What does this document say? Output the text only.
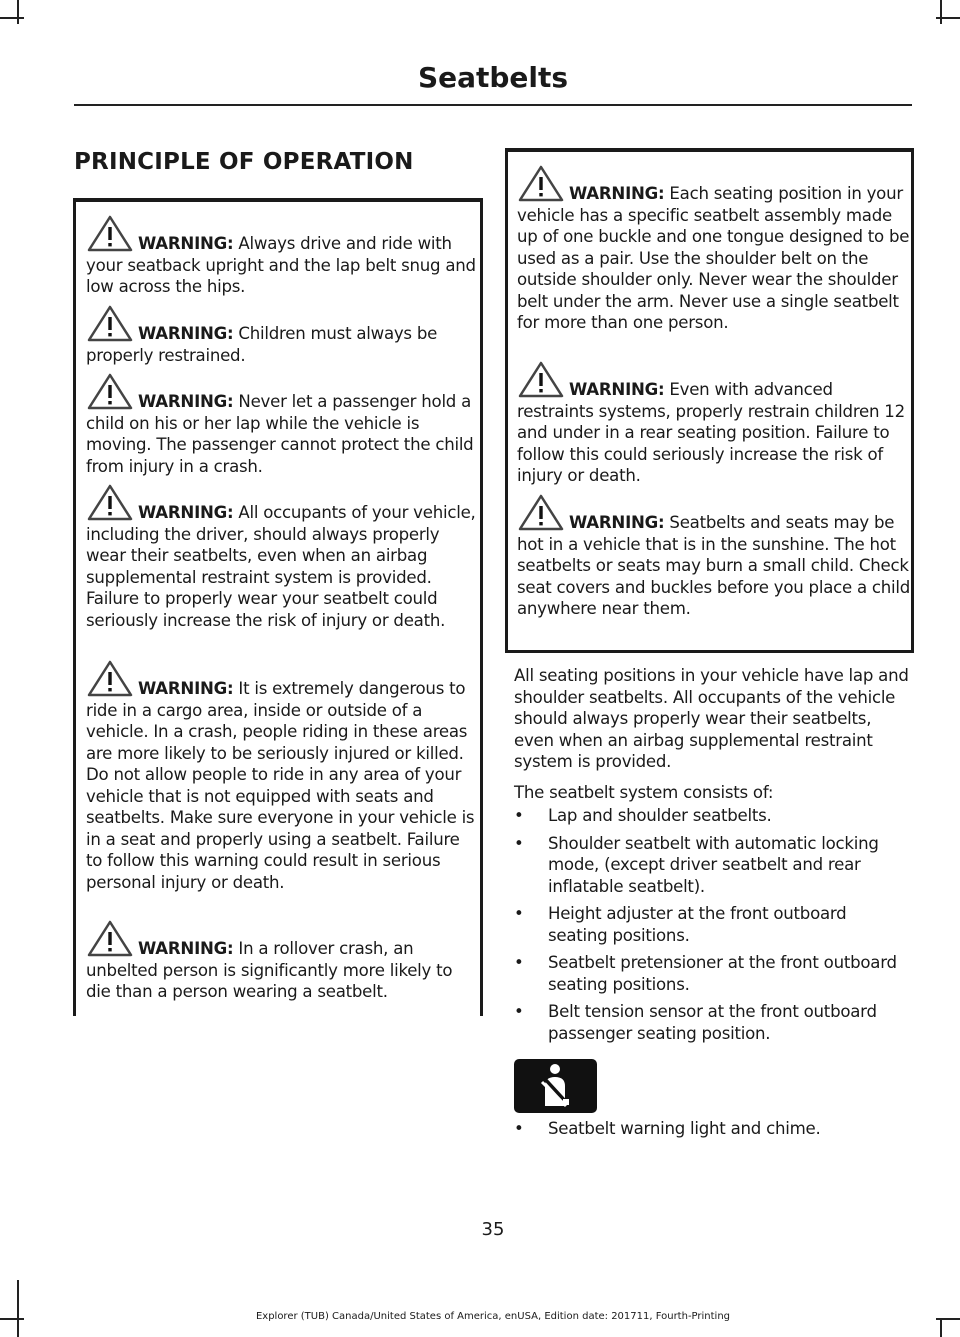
Seatbelts
PRINCIPLE OF OPERATION

WARNING: Always drive and ride with your seatback upright and the lap belt snug and low across the hips.

WARNING: Children must always be properly restrained.

WARNING: Never let a passenger hold a child on his or her lap while the vehicle is moving. The passenger cannot protect the child from injury in a crash.

WARNING: All occupants of your vehicle, including the driver, should always properly wear their seatbelts, even when an airbag supplemental restraint system is provided. Failure to properly wear your seatbelt could seriously increase the risk of injury or death.

WARNING: It is extremely dangerous to ride in a cargo area, inside or outside of a vehicle. In a crash, people riding in these areas are more likely to be seriously injured or killed. Do not allow people to ride in any area of your vehicle that is not equipped with seats and seatbelts. Make sure everyone in your vehicle is in a seat and properly using a seatbelt. Failure to follow this warning could result in serious personal injury or death.

WARNING: In a rollover crash, an unbelted person is significantly more likely to die than a person wearing a seatbelt.

WARNING: Each seating position in your vehicle has a specific seatbelt assembly made up of one buckle and one tongue designed to be used as a pair. Use the shoulder belt on the outside shoulder only. Never wear the shoulder belt under the arm. Never use a single seatbelt for more than one person.

WARNING: Even with advanced restraints systems, properly restrain children 12 and under in a rear seating position. Failure to follow this could seriously increase the risk of injury or death.

WARNING: Seatbelts and seats may be hot in a vehicle that is in the sunshine. The hot seatbelts or seats may burn a small child. Check seat covers and buckles before you place a child anywhere near them.

All seating positions in your vehicle have lap and shoulder seatbelts. All occupants of the vehicle should always properly wear their seatbelts, even when an airbag supplemental restraint system is provided.

The seatbelt system consists of:

• Lap and shoulder seatbelts.
• Shoulder seatbelt with automatic locking mode, (except driver seatbelt and rear inflatable seatbelt).
• Height adjuster at the front outboard seating positions.
• Seatbelt pretensioner at the front outboard seating positions.
• Belt tension sensor at the front outboard passenger seating position.

• Seatbelt warning light and chime.

35
Explorer (TUB) Canada/United States of America, enUSA, Edition date: 201711, Fourth-Printing
